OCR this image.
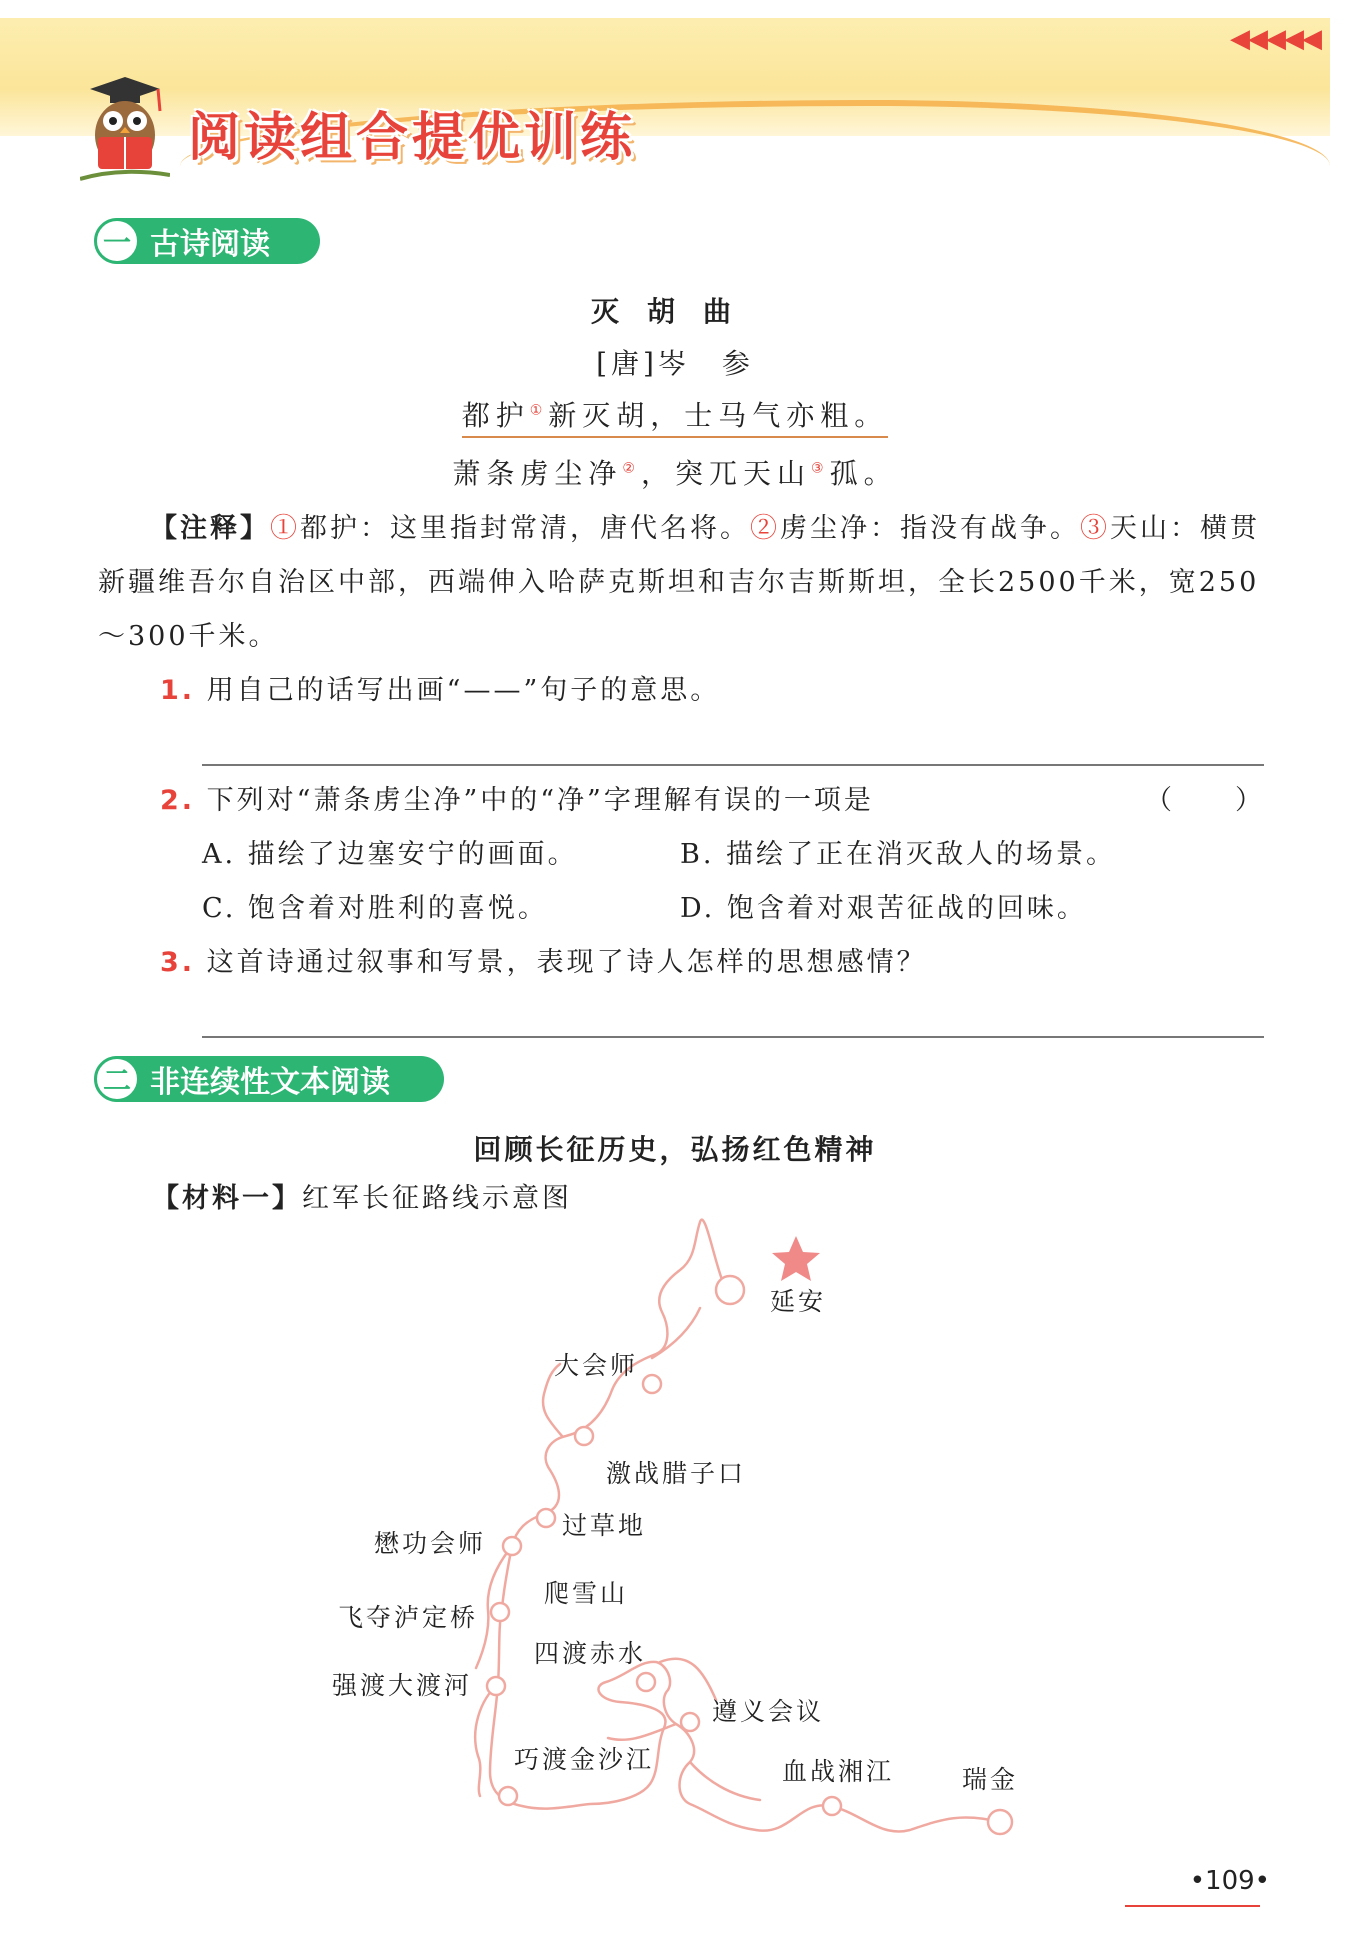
◀◀◀◀◀
阅读组合提优训练
一 古诗阅读
灭胡曲
[唐]岑　参
都护①新灭胡，士马气亦粗。
萧条虏尘净②，突兀天山③孤。
【注释】①都护：这里指封常清，唐代名将。②虏尘净：指没有战争。③天山：横贯新疆维吾尔自治区中部，西端伸入哈萨克斯坦和吉尔吉斯斯坦，全长2500千米，宽250～300千米。
1. 用自己的话写出画“——”句子的意思。
2. 下列对“萧条虏尘净”中的“净”字理解有误的一项是	（　　）
A. 描绘了边塞安宁的画面。	B. 描绘了正在消灭敌人的场景。
C. 饱含着对胜利的喜悦。	D. 饱含着对艰苦征战的回味。
3. 这首诗通过叙事和写景，表现了诗人怎样的思想感情？
二 非连续性文本阅读
回顾长征历史，弘扬红色精神
【材料一】红军长征路线示意图
延安
大会师
激战腊子口
过草地
懋功会师
爬雪山
飞夺泸定桥
四渡赤水
强渡大渡河
遵义会议
巧渡金沙江	血战湘江	瑞金
•109•
